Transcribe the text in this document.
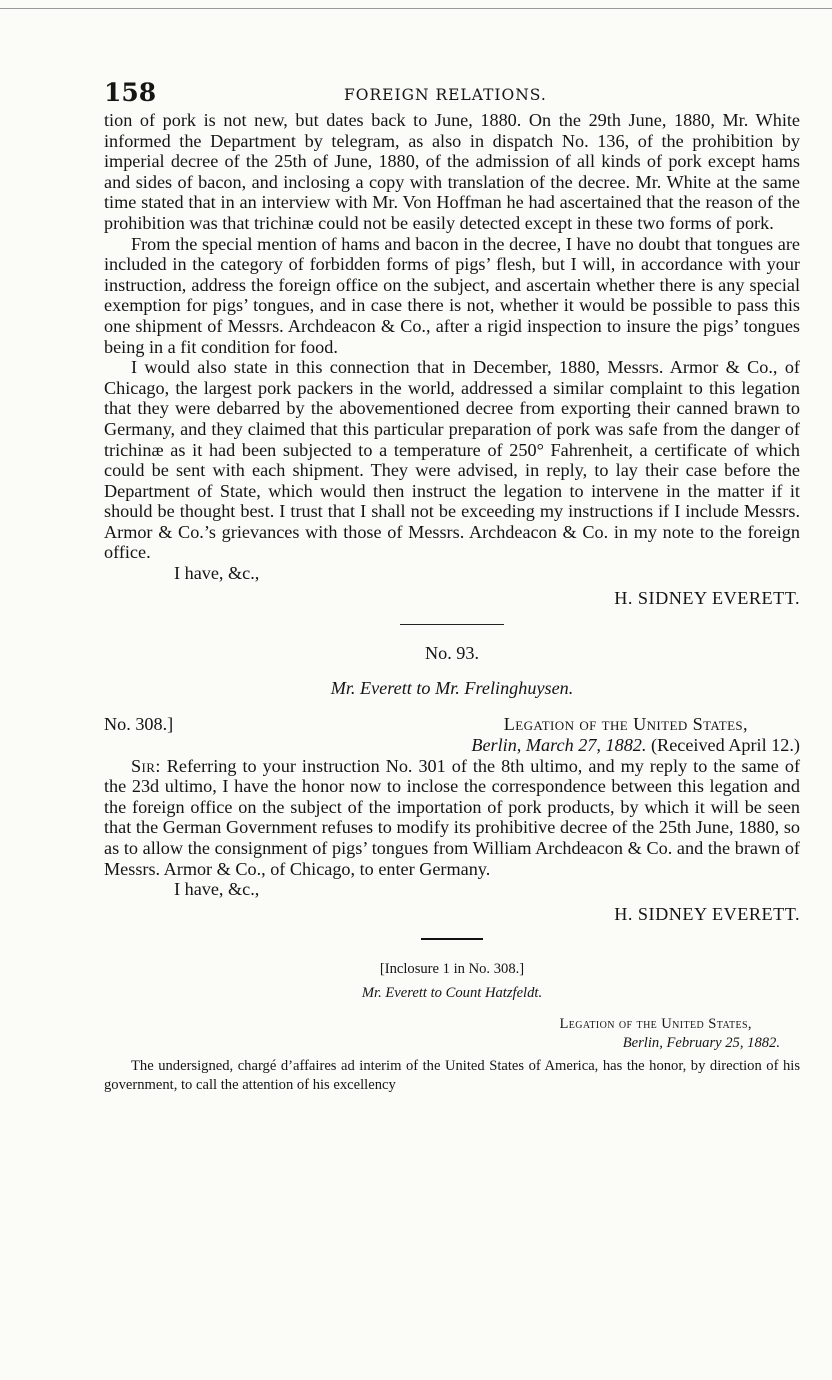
158	FOREIGN RELATIONS.

tion of pork is not new, but dates back to June, 1880. On the 29th June, 1880, Mr. White informed the Department by telegram, as also in dispatch No. 136, of the prohibition by imperial decree of the 25th of June, 1880, of the admission of all kinds of pork except hams and sides of bacon, and inclosing a copy with translation of the decree. Mr. White at the same time stated that in an interview with Mr. Von Hoffman he had ascertained that the reason of the prohibition was that trichinæ could not be easily detected except in these two forms of pork.

From the special mention of hams and bacon in the decree, I have no doubt that tongues are included in the category of forbidden forms of pigs’ flesh, but I will, in accordance with your instruction, address the foreign office on the subject, and ascertain whether there is any special exemption for pigs’ tongues, and in case there is not, whether it would be possible to pass this one shipment of Messrs. Archdeacon & Co., after a rigid inspection to insure the pigs’ tongues being in a fit condition for food.

I would also state in this connection that in December, 1880, Messrs. Armor & Co., of Chicago, the largest pork packers in the world, addressed a similar complaint to this legation that they were debarred by the abovementioned decree from exporting their canned brawn to Germany, and they claimed that this particular preparation of pork was safe from the danger of trichinæ as it had been subjected to a temperature of 250° Fahrenheit, a certificate of which could be sent with each shipment. They were advised, in reply, to lay their case before the Department of State, which would then instruct the legation to intervene in the matter if it should be thought best. I trust that I shall not be exceeding my instructions if I include Messrs. Armor & Co.’s grievances with those of Messrs. Archdeacon & Co. in my note to the foreign office.

I have, &c.,

H. SIDNEY EVERETT.

No. 93.

Mr. Everett to Mr. Frelinghuysen.

No. 308.]	Legation of the United States,

Berlin, March 27, 1882. (Received April 12.)

Sir: Referring to your instruction No. 301 of the 8th ultimo, and my reply to the same of the 23d ultimo, I have the honor now to inclose the correspondence between this legation and the foreign office on the subject of the importation of pork products, by which it will be seen that the German Government refuses to modify its prohibitive decree of the 25th June, 1880, so as to allow the consignment of pigs’ tongues from William Archdeacon & Co. and the brawn of Messrs. Armor & Co., of Chicago, to enter Germany.

I have, &c.,

H. SIDNEY EVERETT.

[Inclosure 1 in No. 308.]

Mr. Everett to Count Hatzfeldt.

Legation of the United States,

Berlin, February 25, 1882.

The undersigned, chargé d’affaires ad interim of the United States of America, has the honor, by direction of his government, to call the attention of his excellency
